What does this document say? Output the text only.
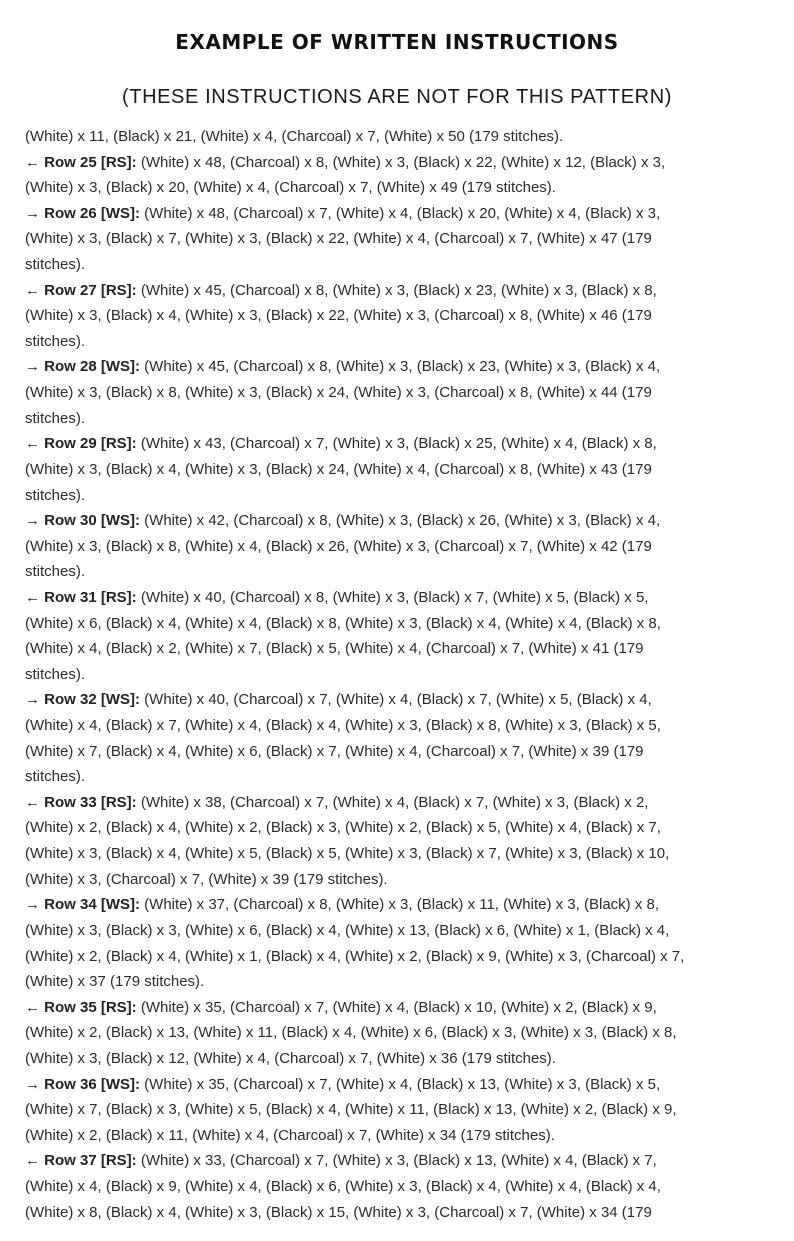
EXAMPLE OF WRITTEN INSTRUCTIONS
(THESE INSTRUCTIONS ARE NOT FOR THIS PATTERN)
(White) x 11, (Black) x 21, (White) x 4, (Charcoal) x 7, (White) x 50 (179 stitches).
← Row 25 [RS]: (White) x 48, (Charcoal) x 8, (White) x 3, (Black) x 22, (White) x 12, (Black) x 3,
(White) x 3, (Black) x 20, (White) x 4, (Charcoal) x 7, (White) x 49 (179 stitches).
→ Row 26 [WS]: (White) x 48, (Charcoal) x 7, (White) x 4, (Black) x 20, (White) x 4, (Black) x 3,
(White) x 3, (Black) x 7, (White) x 3, (Black) x 22, (White) x 4, (Charcoal) x 7, (White) x 47 (179
stitches).
← Row 27 [RS]: (White) x 45, (Charcoal) x 8, (White) x 3, (Black) x 23, (White) x 3, (Black) x 8,
(White) x 3, (Black) x 4, (White) x 3, (Black) x 22, (White) x 3, (Charcoal) x 8, (White) x 46 (179
stitches).
→ Row 28 [WS]: (White) x 45, (Charcoal) x 8, (White) x 3, (Black) x 23, (White) x 3, (Black) x 4,
(White) x 3, (Black) x 8, (White) x 3, (Black) x 24, (White) x 3, (Charcoal) x 8, (White) x 44 (179
stitches).
← Row 29 [RS]: (White) x 43, (Charcoal) x 7, (White) x 3, (Black) x 25, (White) x 4, (Black) x 8,
(White) x 3, (Black) x 4, (White) x 3, (Black) x 24, (White) x 4, (Charcoal) x 8, (White) x 43 (179
stitches).
→ Row 30 [WS]: (White) x 42, (Charcoal) x 8, (White) x 3, (Black) x 26, (White) x 3, (Black) x 4,
(White) x 3, (Black) x 8, (White) x 4, (Black) x 26, (White) x 3, (Charcoal) x 7, (White) x 42 (179
stitches).
← Row 31 [RS]: (White) x 40, (Charcoal) x 8, (White) x 3, (Black) x 7, (White) x 5, (Black) x 5,
(White) x 6, (Black) x 4, (White) x 4, (Black) x 8, (White) x 3, (Black) x 4, (White) x 4, (Black) x 8,
(White) x 4, (Black) x 2, (White) x 7, (Black) x 5, (White) x 4, (Charcoal) x 7, (White) x 41 (179
stitches).
→ Row 32 [WS]: (White) x 40, (Charcoal) x 7, (White) x 4, (Black) x 7, (White) x 5, (Black) x 4,
(White) x 4, (Black) x 7, (White) x 4, (Black) x 4, (White) x 3, (Black) x 8, (White) x 3, (Black) x 5,
(White) x 7, (Black) x 4, (White) x 6, (Black) x 7, (White) x 4, (Charcoal) x 7, (White) x 39 (179
stitches).
← Row 33 [RS]: (White) x 38, (Charcoal) x 7, (White) x 4, (Black) x 7, (White) x 3, (Black) x 2,
(White) x 2, (Black) x 4, (White) x 2, (Black) x 3, (White) x 2, (Black) x 5, (White) x 4, (Black) x 7,
(White) x 3, (Black) x 4, (White) x 5, (Black) x 5, (White) x 3, (Black) x 7, (White) x 3, (Black) x 10,
(White) x 3, (Charcoal) x 7, (White) x 39 (179 stitches).
→ Row 34 [WS]: (White) x 37, (Charcoal) x 8, (White) x 3, (Black) x 11, (White) x 3, (Black) x 8,
(White) x 3, (Black) x 3, (White) x 6, (Black) x 4, (White) x 13, (Black) x 6, (White) x 1, (Black) x 4,
(White) x 2, (Black) x 4, (White) x 1, (Black) x 4, (White) x 2, (Black) x 9, (White) x 3, (Charcoal) x 7,
(White) x 37 (179 stitches).
← Row 35 [RS]: (White) x 35, (Charcoal) x 7, (White) x 4, (Black) x 10, (White) x 2, (Black) x 9,
(White) x 2, (Black) x 13, (White) x 11, (Black) x 4, (White) x 6, (Black) x 3, (White) x 3, (Black) x 8,
(White) x 3, (Black) x 12, (White) x 4, (Charcoal) x 7, (White) x 36 (179 stitches).
→ Row 36 [WS]: (White) x 35, (Charcoal) x 7, (White) x 4, (Black) x 13, (White) x 3, (Black) x 5,
(White) x 7, (Black) x 3, (White) x 5, (Black) x 4, (White) x 11, (Black) x 13, (White) x 2, (Black) x 9,
(White) x 2, (Black) x 11, (White) x 4, (Charcoal) x 7, (White) x 34 (179 stitches).
← Row 37 [RS]: (White) x 33, (Charcoal) x 7, (White) x 3, (Black) x 13, (White) x 4, (Black) x 7,
(White) x 4, (Black) x 9, (White) x 4, (Black) x 6, (White) x 3, (Black) x 4, (White) x 4, (Black) x 4,
(White) x 8, (Black) x 4, (White) x 3, (Black) x 15, (White) x 3, (Charcoal) x 7, (White) x 34 (179
